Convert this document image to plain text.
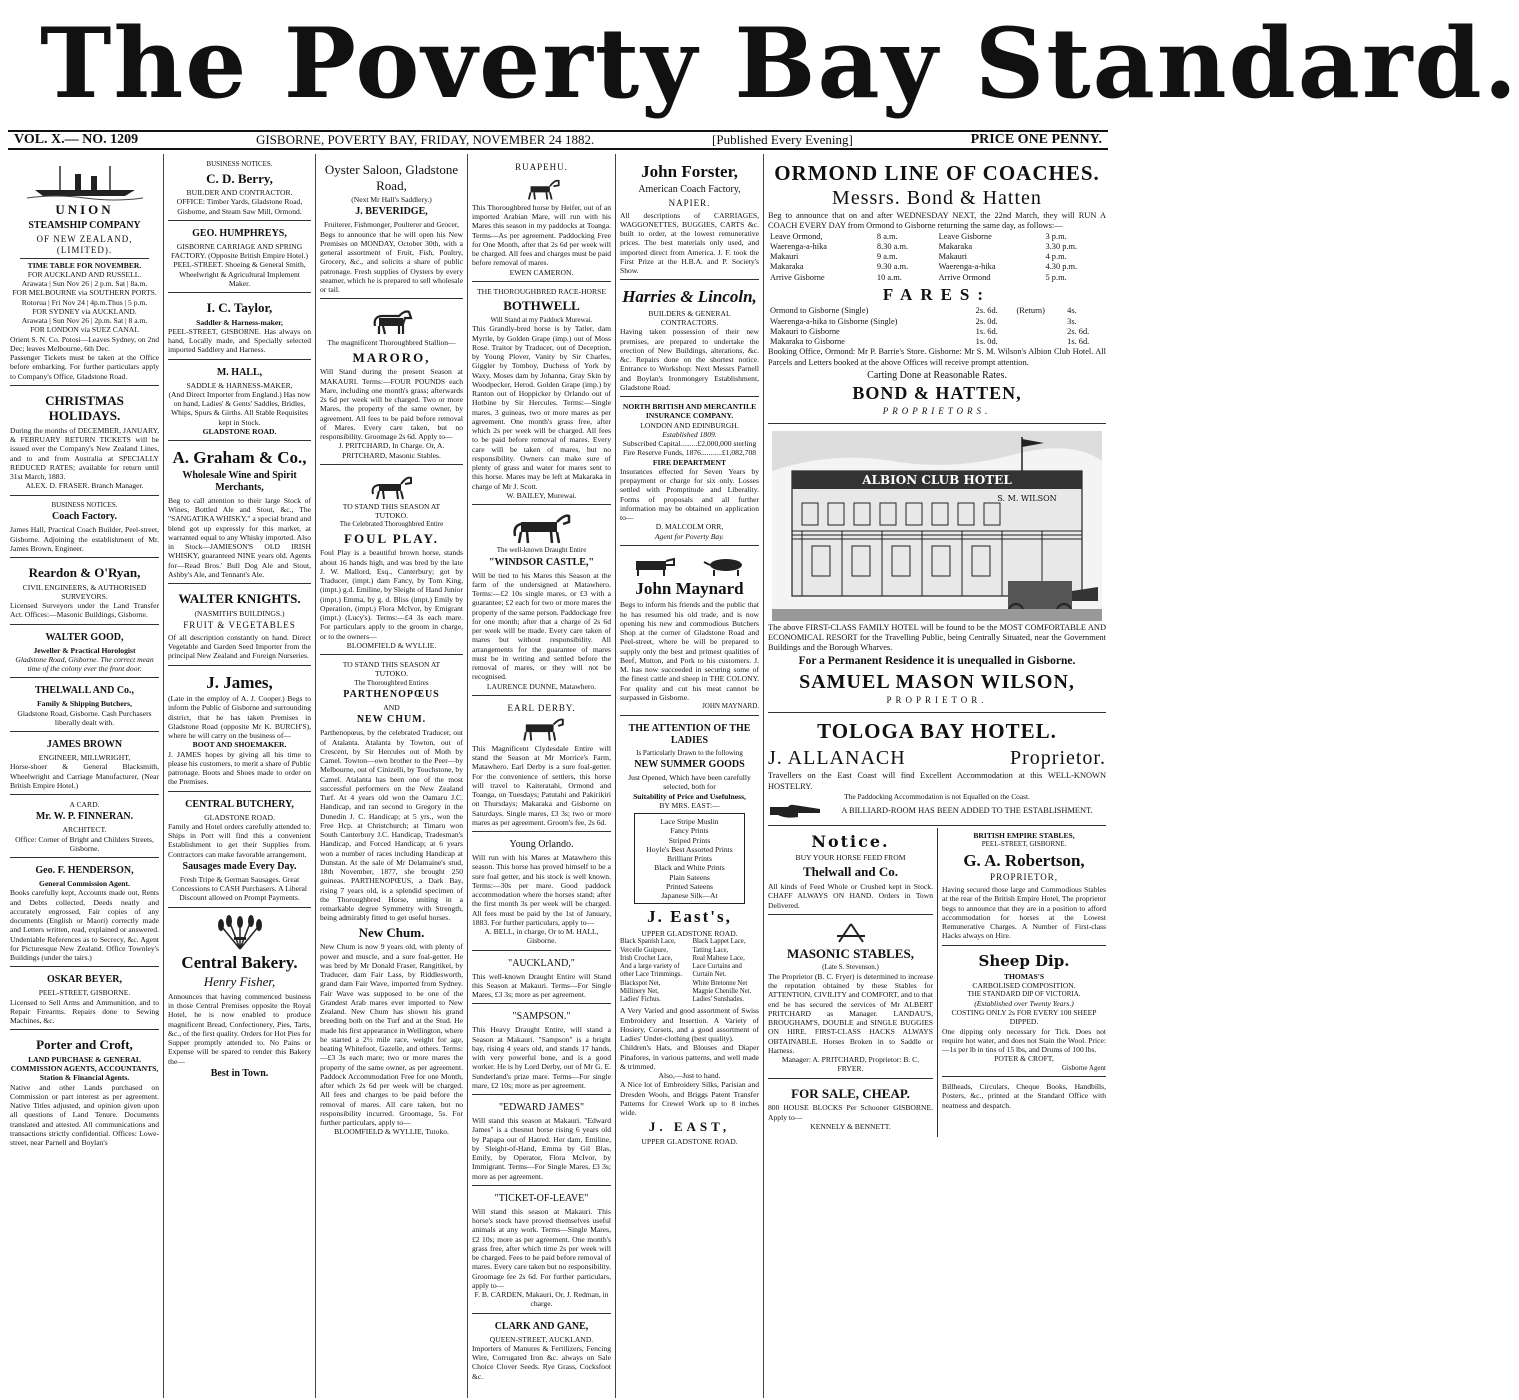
The Poverty Bay Standard.
VOL. X.— NO. 1209	GISBORNE, POVERTY BAY, FRIDAY, NOVEMBER 24 1882.	[Published Every Evening]	PRICE ONE PENNY.
UNION
STEAMSHIP COMPANY
OF NEW ZEALAND, (LIMITED).
TIME TABLE FOR NOVEMBER.
FOR AUCKLAND AND RUSSELL.
Arawata | Sun Nov 26 | 2 p.m. Sat | 8a.m.
FOR MELBOURNE via SOUTHERN PORTS.
Rotorua | Fri Nov 24 | 4p.m.Thus | 5 p.m.
FOR SYDNEY via AUCKLAND.
Arawata | Sun Nov 26 | 2p.m. Sat | 8 a.m.
FOR LONDON via SUEZ CANAL
Orient S. N. Co. Potosi—Leaves Sydney, on 2nd Dec; leaves Melbourne, 6th Dec.
Passenger Tickets must be taken at the Office before embarking. For further particulars apply to Company's Office, Gladstone Road.
CHRISTMAS HOLIDAYS.
During the months of DECEMBER, JANUARY, & FEBRUARY RETURN TICKETS will be issued over the Company's New Zealand Lines, and to and from Australia at SPECIALLY REDUCED RATES; available for return until 31st March, 1883.
ALEX. D. FRASER. Branch Manager.
BUSINESS NOTICES.
Coach Factory.
James Hall, Practical Coach Builder, Peel-street, Gisborne. Adjoining the establishment of Mr. James Brown, Engineer.
Reardon & O'Ryan,
CIVIL ENGINEERS, & AUTHORISED SURVEYORS.
Licensed Surveyors under the Land Transfer Act. Offices:—Masonic Buildings, Gisborne.
WALTER GOOD,
Jeweller & Practical Horologist
Gladstone Road, Gisborne. The correct mean time of the colony ever the front door.
THELWALL AND Co.,
Family & Shipping Butchers,
Gladstone Road, Gisborne. Cash Purchasers liberally dealt with.
JAMES BROWN
ENGINEER, MILLWRIGHT,
Horse-shoer & General Blacksmith, Wheelwright and Carriage Manufacturer, (Near British Empire Hotel.)
A CARD.
Mr. W. P. FINNERAN.
ARCHITECT.
Office: Corner of Bright and Childers Streets, Gisborne.
Geo. F. HENDERSON,
General Commission Agent.
Books carefully kept, Accounts made out, Rents and Debts collected, Deeds neatly and accurately engrossed, Fair copies of any documents (English or Maori) correctly made and Letters written, read, explained or answered. Undeniable References as to Secrecy, &c. Agent for Picturesque New Zealand. Office Townley's Buildings (under the tairs.)
OSKAR BEYER,
PEEL-STREET, GISBORNE.
Licensed to Sell Arms and Ammunition, and to Repair Firearms. Repairs done to Sewing Machines, &c.
Porter and Croft,
LAND PURCHASE & GENERAL COMMISSION AGENTS, ACCOUNTANTS, Station & Financial Agents.
Native and other Lands purchased on Commission or part interest as per agreement. Native Titles adjusted, and opinion given upon all questions of Land Tenure. Documents translated and attested. All communications and transactions strictly confidential. Offices: Lowe-street, near Parnell and Boylan's
BUSINESS NOTICES.
C. D. Berry,
BUILDER AND CONTRACTOR.
OFFICE: Timber Yards, Gladstone Road, Gisborne, and Steam Saw Mill, Ormond.
GEO. HUMPHREYS,
GISBORNE CARRIAGE AND SPRING FACTORY. (Opposite British Empire Hotel.) PEEL-STREET. Shoeing & General Smith, Wheelwright & Agricultural Implement Maker.
I. C. Taylor,
Saddler & Harness-maker,
PEEL-STREET, GISBORNE. Has always on hand, Locally made, and Specially selected imported Saddlery and Harness.
M. HALL,
SADDLE & HARNESS-MAKER,
(And Direct Importer from England.) Has now on hand, Ladies' & Gents' Saddles, Bridles, Whips, Spurs & Girths. All Stable Requisites kept in Stock.
GLADSTONE ROAD.
A. Graham & Co.,
Wholesale Wine and Spirit Merchants,
Beg to call attention to their large Stock of Wines, Bottled Ale and Stout, &c., The "SANGATIKA WHISKY," a special brand and blend got up expressly for this market, at warranted equal to any Whisky imported. Also in Stock—JAMIESON'S OLD IRISH WHISKY, guaranteed NINE years old. Agents for—Read Bros.' Bull Dog Ale and Stout, Ashby's Ale, and Tennant's Ale.
WALTER KNIGHTS.
(NASMITH'S BUILDINGS.)
FRUIT & VEGETABLES
Of all description constantly on hand. Direct Vegetable and Garden Seed Importer from the principal New Zealand and Foreign Nurseries.
J. James,
(Late in the employ of A. J. Cooper.) Begs to inform the Public of Gisborne and surrounding district, that he has taken Premises in Gladstone Road (opposite Mr K. BURCH'S), where he will carry on the business of—
BOOT AND SHOEMAKER.
J. JAMES hopes by giving all his time to please his customers, to merit a share of Public patronage. Boots and Shoes made to order on the Premises.
CENTRAL BUTCHERY,
GLADSTONE ROAD.
Family and Hotel orders carefully attended to. Ships in Port will find this a convenient Establishment to get their Supplies from. Contractors can make favorable arrangement.
Sausages made Every Day.
Fresh Tripe & German Sausages. Great Concessions to CASH Purchasers. A Liberal Discount allowed on Prompt Payments.
Central Bakery.
Henry Fisher,
Announces that having commenced business in those Central Premises opposite the Royal Hotel, he is now enabled to produce magnificent Bread, Confectionery, Pies, Tarts, &c., of the first quality. Orders for Hot Pies for Supper promptly attended to. No Pains or Expense will be spared to render this Bakery the—
Best in Town.
Oyster Saloon, Gladstone Road,
(Next Mr Hall's Saddlery.)
J. BEVERIDGE,
Fruiterer, Fishmonger, Poulterer and Grocer,
Begs to announce that he will open his New Premises on MONDAY, October 30th, with a general assortment of Fruit, Fish, Poultry, Grocery, &c., and solicits a share of public patronage. Fresh supplies of Oysters by every steamer, which he is prepared to sell wholesale or tail.
The magnificent Thoroughbred Stallion—
MARORO,
Will Stand during the present Season at MAKAURI. Terms:—FOUR POUNDS each Mare, including one month's grass; afterwards 2s 6d per week will be charged. Two or more Mares, the property of the same owner, by agreement. All fees to be paid before removal of Mares. Every care taken, but no responsibility. Groomage 2s 6d. Apply to—
J. PRITCHARD, In Charge. Or, A. PRITCHARD, Masonic Stables.
TO STAND THIS SEASON AT
TUTOKO.
The Celebrated Thoroughbred Entire
FOUL PLAY.
Foul Play is a beautiful brown horse, stands about 16 hands high, and was bred by the late J. W. Mallord, Esq., Canterbury; got by Traducer, (impt.) dam Fancy, by Tom King, (impt.) g.d. Emiline, by Sleight of Hand Junior (impt.) Emma, by g. d. Bliss (impt.) Emily by Operation, (impt.) Flora McIvor, by Emigrant (impt.) (Lucy's). Terms:—£4 3s each mare. For particulars apply to the groom in charge, or to the owners—
BLOOMFIELD & WYLLIE.
TO STAND THIS SEASON AT
TUTOKO.
The Thoroughbred Entires
PARTHENOPŒUS
AND
NEW CHUM.
Parthenopœus, by the celebrated Traducer, out of Atalanta. Atalanta by Towton, out of Crescent, by Sir Hercules out of Moth by Camel. Towton—own brother to the Peer—by Melbourne, out of Cinizelli, by Touchstone, by Camel. Atalanta has been one of the most successful performers on the New Zealand Turf. At 4 years old won the Oamaru J.C. Handicap, and ran second to Gregory in the Dunedin J. C. Handicap; at 5 yrs., won the Free Hcp. at Christchurch; at Timaru won South Canterbury J.C. Handicap, Tradesman's Handicap, and Forced Handicap; at 6 years won a number of races including Handicap at Dunstan. At the sale of Mr Delamaine's stud, 18th November, 1877, she brought 250 guineas. PARTHENOPŒUS, a Dark Bay, rising 7 years old, is a splendid specimen of the Thoroughbred Horse, uniting in a remarkable degree Symmetry with Strength, being admirably fitted to get useful horses.
New Chum.
New Chum is now 9 years old, with plenty of power and muscle, and a sure foal-getter. He was bred by Mr Donald Fraser, Rangitikei, by Traducer, dam Fair Lass, by Riddlesworth, grand dam Fair Wave, imported from Sydney. Fair Wave was supposed to be one of the Grandest Arab mares ever imported to New Zealand. New Chum has shown his grand breeding both on the Turf and at the Stud. He made his first appearance in Wellington, where he started a 2½ mile race, weight for age, beating Whitefoot, Gazelle, and others. Terms:—£3 3s each mare; two or more mares the property of the same owner, as per agreement. Paddock Accommodation Free for one Month, after which 2s 6d per week will be charged. All fees and charges to be paid before the removal of mares. All care taken, but no responsibility incurred. Groomage, 5s. For further particulars, apply to—
BLOOMFIELD & WYLLIE, Tutoko.
RUAPEHU.
This Thoroughbred horse by Heifer, out of an imported Arabian Mare, will run with his Mares this season in my paddocks at Toanga. Terms—As per agreement. Paddocking Free for One Month, after that 2s 6d per week will be charged. All fees and charges must be paid before removal of mares.
EWEN CAMERON.
THE THOROUGHBRED RACE-HORSE
BOTHWELL
Will Stand at my Paddock Murewai.
This Grandly-bred horse is by Tatler, dam Myrtle, by Golden Grape (imp.) out of Moss Rose. Traitor by Traducer, out of Deception, by Young Plover, Vanity by Sir Charles, Giggler by Tomboy, Duchess of York by Waxy, Moses dam by Johanna, Gray Skin by Woodpecker, Herod. Golden Grape (imp.) by Ranton out of Hoppicker by Orlando out of Hotbine by Sir Hercules. Terms:—Single mares, 3 guineas, two or more mares as per agreement. One month's grass free, after which 2s per week will be charged. All fees to be paid before removal of mares. Every care will be taken of mares, but no responsibility. Owners can make sure of plenty of grass and water for mares sent to this horse. Mares may be left at Makaraka in charge of Mr J. Scott.
W. BAILEY, Murewai.
The well-known Draught Entire
"WINDSOR CASTLE,"
Will be tied to his Mares this Season at the farm of the undersigned at Matawhero. Terms:—£2 10s single mares, or £3 with a guarantee; £2 each for two or more mares the property of the same person. Paddockage free for one month; after that a charge of 2s 6d per week will be made. Every care taken of mares but without responsibility. All arrangements for the guarantee of mares must be in writing and settled before the removal of mares, or they will not be recognised.
LAURENCE DUNNE, Matawhero.
EARL DERBY.
This Magnificent Clydesdale Entire will stand the Season at Mr Morrice's Farm, Matawhero. Earl Derby is a sure foal-getter. For the convenience of settlers, this horse will travel to Kaiteratahi, Ormond and Toanga, on Tuesdays; Patutahi and Pakirikiri on Thursdays; Makaraka and Gisborne on Saturdays. Single mares, £3 3s; two or more mares as per agreement. Groom's fee, 2s 6d.
Young Orlando.
Will run with his Mares at Matawhero this season. This horse has proved himself to be a sure foal getter, and his stock is well known. Terms:—30s per mare. Good paddock accommodation where the horses stand; after the first month 3s per week will be charged. All fees must be paid by the 1st of January, 1883. For further particulars, apply to—
A. BELL, in charge, Or to M. HALL, Gisborne.
"AUCKLAND,"
This well-known Draught Entire will Stand this Season at Makauri. Terms—For Single Mares, £3 3s; more as per agreement.
"SAMPSON."
This Heavy Draught Entire, will stand a Season at Makauri. "Sampson" is a bright bay, rising 4 years old, and stands 17 hands, with very powerful bone, and is a good worker. He is by Lord Derby, out of Mr G. E. Sunderland's prize mare. Terms—For single mare, £2 10s; more as per agreement.
"EDWARD JAMES"
Will stand this season at Makauri. "Edward James" is a chesnut horse rising 6 years old by Papapa out of Hatred. Her dam, Emiline, by Sleight-of-Hand, Emma by Gil Blas, Emily, by Operator, Flora McIvor, by Immigrant. Terms—For Single Mares, £3 3s; more as per agreement.
"TICKET-OF-LEAVE"
Will stand this season at Makauri. This horse's stock have proved themselves useful animals at any work. Terms—Single Mares, £2 10s; more as per agreement. One month's grass free, after which time 2s per week will be charged. Fees to be paid before removal of mares. Every care taken but no responsibility. Groomage fee 2s 6d. For further particulars, apply to—
F. B. CARDEN, Makauri, Or, J. Redman, in charge.
CLARK AND GANE,
QUEEN-STREET, AUCKLAND.
Importers of Manures & Fertilizers, Fencing Wire, Corrugated Iron &c. always on Sale Choice Clover Seeds. Rye Grass, Cocksfoot &c.
John Forster,
American Coach Factory,
NAPIER.
All descriptions of CARRIAGES, WAGGONETTES, BUGGIES, CARTS &c. built to order, at the lowest remunerative prices. The best materials only used, and imported direct from America. J. F. took the First Prize at the H.B.A. and P. Society's Show.
Harries & Lincoln,
BUILDERS & GENERAL CONTRACTORS.
Having taken possession of their new premises, are prepared to undertake the erection of New Buildings, alterations, &c. &c. Repairs done on the shortest notice. Entrance to Workshop: Next Messrs Parnell and Boylan's Ironmongery Establishment, Gladstone Road.
NORTH BRITISH AND MERCANTILE INSURANCE COMPANY.
LONDON AND EDINBURGH.
Established 1809.
Subscribed Capital.........£2,000,000 sterling Fire Reserve Funds, 1876...........£1,082,708
FIRE DEPARTMENT
Insurances effected for Seven Years by prepayment or charge for six only. Losses settled with Promptitude and Liberality. Forms of proposals and all further information may be obtained on application to—
D. MALCOLM ORR,
Agent for Poverty Bay.
John Maynard
Begs to inform his friends and the public that he has resumed his old trade, and is now opening his new and commodious Butchers Shop at the corner of Gladstone Road and Peel-street, where he will be prepared to supply only the best and primest qualities of Beef, Mutton, and Pork to his customers. J. M. has now succeeded in securing some of the finest cattle and sheep in THE COLONY. For quality and cut his meat cannot be surpassed in Gisborne.
JOHN MAYNARD.
THE ATTENTION OF THE LADIES
Is Particularly Drawn to the following
NEW SUMMER GOODS
Just Opened, Which have been carefully selected, both for
Suitability of Price and Usefulness,
BY MRS. EAST:—
Lace Stripe Muslin
Fancy Prints
Striped Prints
Hoyle's Best Assorted Prints
Brilliant Prints
Black and White Prints
Plain Sateens
Printed Sateens
Japanese Silk—At
J. East's,
UPPER GLADSTONE ROAD.
Black Spanish Lace,
Vercelle Guipure,
Irish Crochet Lace,
And a large variety of other Lace Trimmings.
Blackspot Net,
Millinery Net,
Ladies' Fichus.
Black Lappet Lace,
Tatting Lace,
Real Maltese Lace,
Lace Curtains and Curtain Net.
White Bretonne Net
Magpie Chenille Net.
Ladies' Sunshades.
A Very Varied and good assortment of Swiss Embroidery and Insertion. A Variety of Hosiery, Corsets, and a good assortment of Ladies' Under-clothing (best quality).
Children's Hats, and Blouses and Diaper Pinafores, in various patterns, and well made & trimmed.
Also,—Just to hand.
A Nice lot of Embroidery Silks, Parisian and Dresden Wools, and Briggs Patent Transfer Patterns for Crewel Work up to 8 inches wide.
J. EAST,
UPPER GLADSTONE ROAD.
ORMOND LINE OF COACHES.
Messrs. Bond & Hatten
Beg to announce that on and after WEDNESDAY NEXT, the 22nd March, they will RUN A COACH EVERY DAY from Ormond to Gisborne returning the same day, as follows:—
Leave Ormond,	8 a.m.	Leave Gisborne	3 p.m.
Waerenga-a-hika	8.30 a.m.	Makaraka	3.30 p.m.
Makauri	9 a.m.	Makauri	4 p.m.
Makaraka	9.30 a.m.	Waerenga-a-hika	4.30 p.m.
Arrive Gisborne	10 a.m.	Arrive Ormond	5 p.m.
FARES:
Ormond to Gisborne (Single)	2s. 6d.	(Return)	4s.
Waerenga-a-hika to Gisborne (Single)	2s. 0d.		3s.
Makauri to Gisborne	1s. 6d.		2s. 6d.
Makaraka to Gisborne	1s. 0d.		1s. 6d.
Booking Office, Ormond: Mr P. Barrie's Store. Gisborne: Mr S. M. Wilson's Albion Club Hotel. All Parcels and Letters booked at the above Offices will receive prompt attention.
Carting Done at Reasonable Rates.
BOND & HATTEN,
PROPRIETORS.
ALBION CLUB HOTEL
S. M. WILSON
The above FIRST-CLASS FAMILY HOTEL will be found to be the MOST COMFORTABLE AND ECONOMICAL RESORT for the Travelling Public, being Centrally Situated, near the Government Buildings and the Borough Wharves.
For a Permanent Residence it is unequalled in Gisborne.
SAMUEL MASON WILSON,
PROPRIETOR.
TOLOGA BAY HOTEL.
J. ALLANACH	Proprietor.
Travellers on the East Coast will find Excellent Accommodation at this WELL-KNOWN HOSTELRY.
The Paddocking Accommodation is not Equalled on the Coast.
A BILLIARD-ROOM HAS BEEN ADDED TO THE ESTABLISHMENT.
Notice.
BUY YOUR HORSE FEED FROM
Thelwall and Co.
All kinds of Feed Whole or Crushed kept in Stock. CHAFF ALWAYS ON HAND. Orders in Town Delivered.
MASONIC STABLES,
(Late S. Stevenson.)
The Proprietor (B. C. Fryer) is determined to increase the reputation obtained by these Stables for ATTENTION, CIVILITY and COMFORT, and to that end he has secured the services of Mr ALBERT PRITCHARD as Manager. LANDAU'S, BROUGHAM'S, DOUBLE and SINGLE BUGGIES ON HIRE. FIRST-CLASS HACKS ALWAYS OBTAINABLE. Horses Broken in to Saddle or Harness.
Manager: A. PRITCHARD, Proprietor: B. C. FRYER.
FOR SALE, CHEAP.
800 HOUSE BLOCKS Per Schooner GISBORNE. Apply to—
KENNELY & BENNETT.
BRITISH EMPIRE STABLES,
PEEL-STREET, GISBORNE.
G. A. Robertson,
PROPRIETOR,
Having secured those large and Commodious Stables at the rear of the British Empire Hotel, The proprietor begs to announce that they are in a position to afford accommodation for horses at the Lowest Remunerative Charges. A Number of First-class Hacks always on Hire.
Sheep Dip.
THOMAS'S
CARBOLISED COMPOSITION.
THE STANDARD DIP OF VICTORIA.
(Established over Twenty Years.)
COSTING ONLY 2s FOR EVERY 100 SHEEP DIPPED.
One dipping only necessary for Tick. Does not require hot water, and does not Stain the Wool. Price:—1s per lb in tins of 15 lbs, and Drums of 100 lbs.
POTER & CROFT,
Gisborne Agent
Billheads, Circulars, Cheque Books, Handbills, Posters, &c., printed at the Standard Office with neatness and despatch.
